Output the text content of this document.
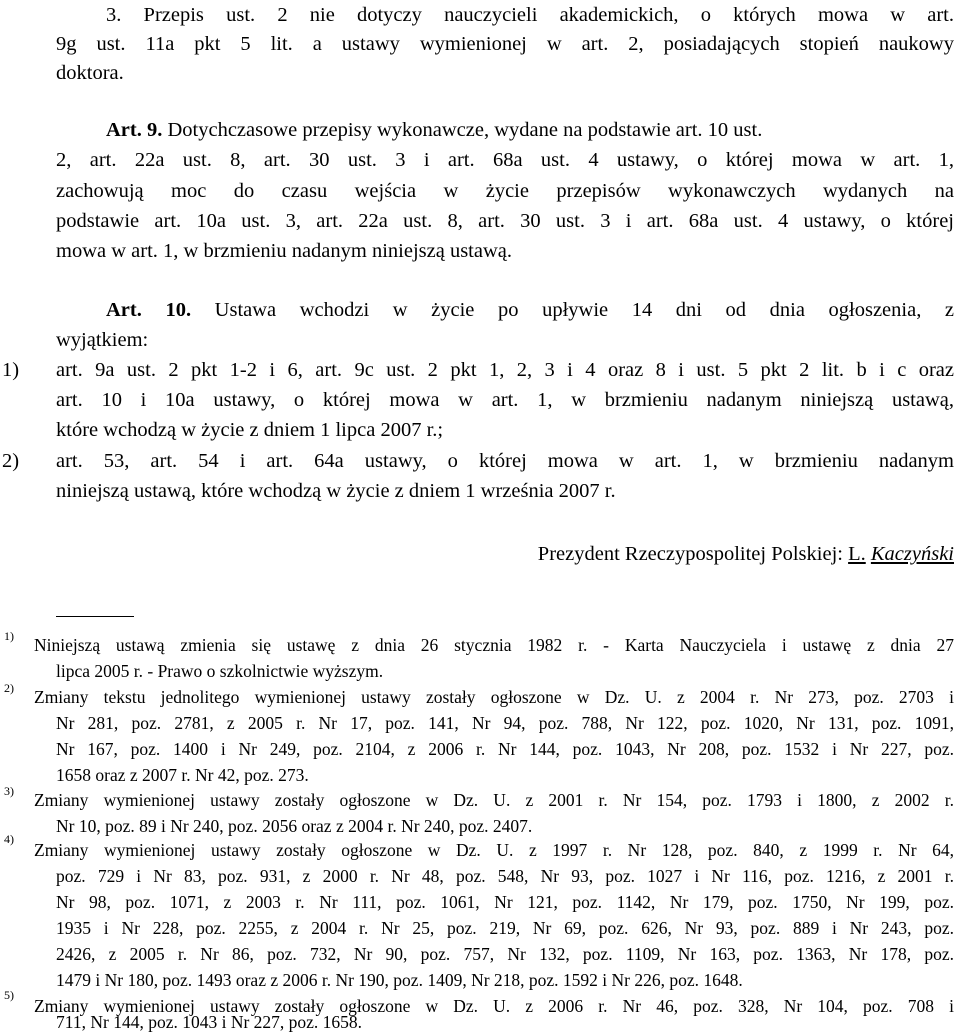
3. Przepis ust. 2 nie dotyczy nauczycieli akademickich, o których mowa w art.

9g ust. 11a pkt 5 lit. a ustawy wymienionej w art. 2, posiadających stopień naukowy

doktora.

Art. 9. Dotychczasowe przepisy wykonawcze, wydane na podstawie art. 10 ust.

2, art. 22a ust. 8, art. 30 ust. 3 i art. 68a ust. 4 ustawy, o której mowa w art. 1,

zachowują moc do czasu wejścia w życie przepisów wykonawczych wydanych na

podstawie art. 10a ust. 3, art. 22a ust. 8, art. 30 ust. 3 i art. 68a ust. 4 ustawy, o której

mowa w art. 1, w brzmieniu nadanym niniejszą ustawą.

Art. 10. Ustawa wchodzi w życie po upływie 14 dni od dnia ogłoszenia, z

wyjątkiem:

1) art. 9a ust. 2 pkt 1-2 i 6, art. 9c ust. 2 pkt 1, 2, 3 i 4 oraz 8 i ust. 5 pkt 2 lit. b i c oraz

art. 10 i 10a ustawy, o której mowa w art. 1, w brzmieniu nadanym niniejszą ustawą,

które wchodzą w życie z dniem 1 lipca 2007 r.;

2) art. 53, art. 54 i art. 64a ustawy, o której mowa w art. 1, w brzmieniu nadanym

niniejszą ustawą, które wchodzą w życie z dniem 1 września 2007 r.

Prezydent Rzeczypospolitej Polskiej: L. Kaczyński

1) Niniejszą ustawą zmienia się ustawę z dnia 26 stycznia 1982 r. - Karta Nauczyciela i ustawę z dnia 27

lipca 2005 r. - Prawo o szkolnictwie wyższym.

2) Zmiany tekstu jednolitego wymienionej ustawy zostały ogłoszone w Dz. U. z 2004 r. Nr 273, poz. 2703 i

Nr 281, poz. 2781, z 2005 r. Nr 17, poz. 141, Nr 94, poz. 788, Nr 122, poz. 1020, Nr 131, poz. 1091,

Nr 167, poz. 1400 i Nr 249, poz. 2104, z 2006 r. Nr 144, poz. 1043, Nr 208, poz. 1532 i Nr 227, poz.

1658 oraz z 2007 r. Nr 42, poz. 273.

3) Zmiany wymienionej ustawy zostały ogłoszone w Dz. U. z 2001 r. Nr 154, poz. 1793 i 1800, z 2002 r.

Nr 10, poz. 89 i Nr 240, poz. 2056 oraz z 2004 r. Nr 240, poz. 2407.

4)

Zmiany wymienionej ustawy zostały ogłoszone w Dz. U. z 1997 r. Nr 128, poz. 840, z 1999 r. Nr 64,

poz. 729 i Nr 83, poz. 931, z 2000 r. Nr 48, poz. 548, Nr 93, poz. 1027 i Nr 116, poz. 1216, z 2001 r.

Nr 98, poz. 1071, z 2003 r. Nr 111, poz. 1061, Nr 121, poz. 1142, Nr 179, poz. 1750, Nr 199, poz.

1935 i Nr 228, poz. 2255, z 2004 r. Nr 25, poz. 219, Nr 69, poz. 626, Nr 93, poz. 889 i Nr 243, poz.

2426, z 2005 r. Nr 86, poz. 732, Nr 90, poz. 757, Nr 132, poz. 1109, Nr 163, poz. 1363, Nr 178, poz.

1479 i Nr 180, poz. 1493 oraz z 2006 r. Nr 190, poz. 1409, Nr 218, poz. 1592 i Nr 226, poz. 1648.

5)

Zmiany wymienionej ustawy zostały ogłoszone w Dz. U. z 2006 r. Nr 46, poz. 328, Nr 104, poz. 708 i

711, Nr 144, poz. 1043 i Nr 227, poz. 1658.
